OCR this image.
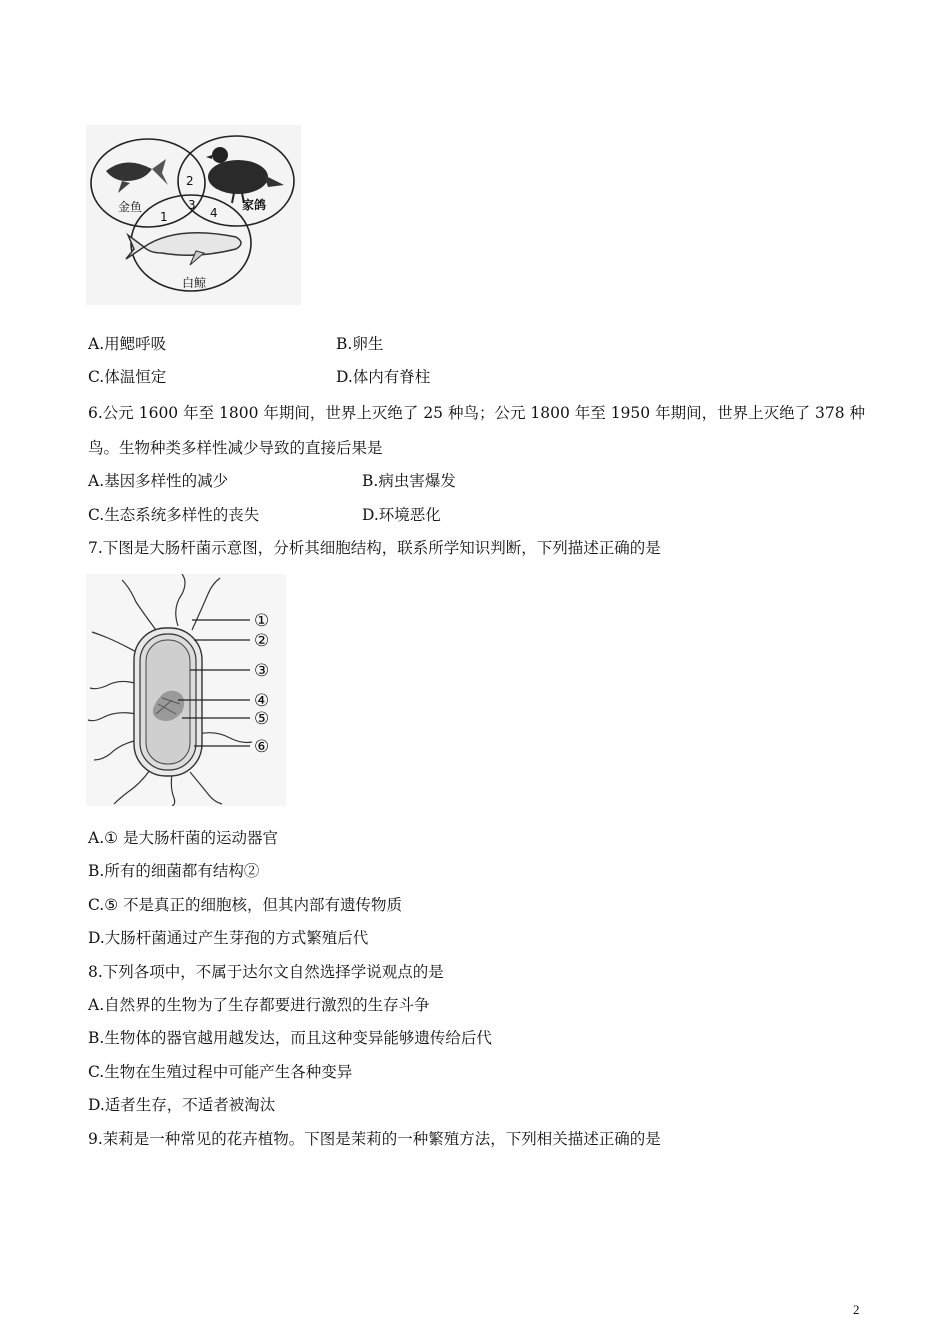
金鱼	家鸽
白鲸
1
2
3
4
A.用鳃呼吸	B.卵生
C.体温恒定	D.体内有脊柱
6.公元 1600 年至 1800 年期间，世界上灭绝了 25 种鸟；公元 1800 年至 1950 年期间，世界上灭绝了 378 种
鸟。生物种类多样性减少导致的直接后果是
A.基因多样性的减少	B.病虫害爆发
C.生态系统多样性的丧失	D.环境恶化
7.下图是大肠杆菌示意图，分析其细胞结构，联系所学知识判断，下列描述正确的是
①
②
③
④
⑤
⑥
A.① 是大肠杆菌的运动器官
B.所有的细菌都有结构②
C.⑤ 不是真正的细胞核，但其内部有遗传物质
D.大肠杆菌通过产生芽孢的方式繁殖后代
8.下列各项中，不属于达尔文自然选择学说观点的是
A.自然界的生物为了生存都要进行激烈的生存斗争
B.生物体的器官越用越发达，而且这种变异能够遗传给后代
C.生物在生殖过程中可能产生各种变异
D.适者生存，不适者被淘汰
9.茉莉是一种常见的花卉植物。下图是茉莉的一种繁殖方法，下列相关描述正确的是
2
